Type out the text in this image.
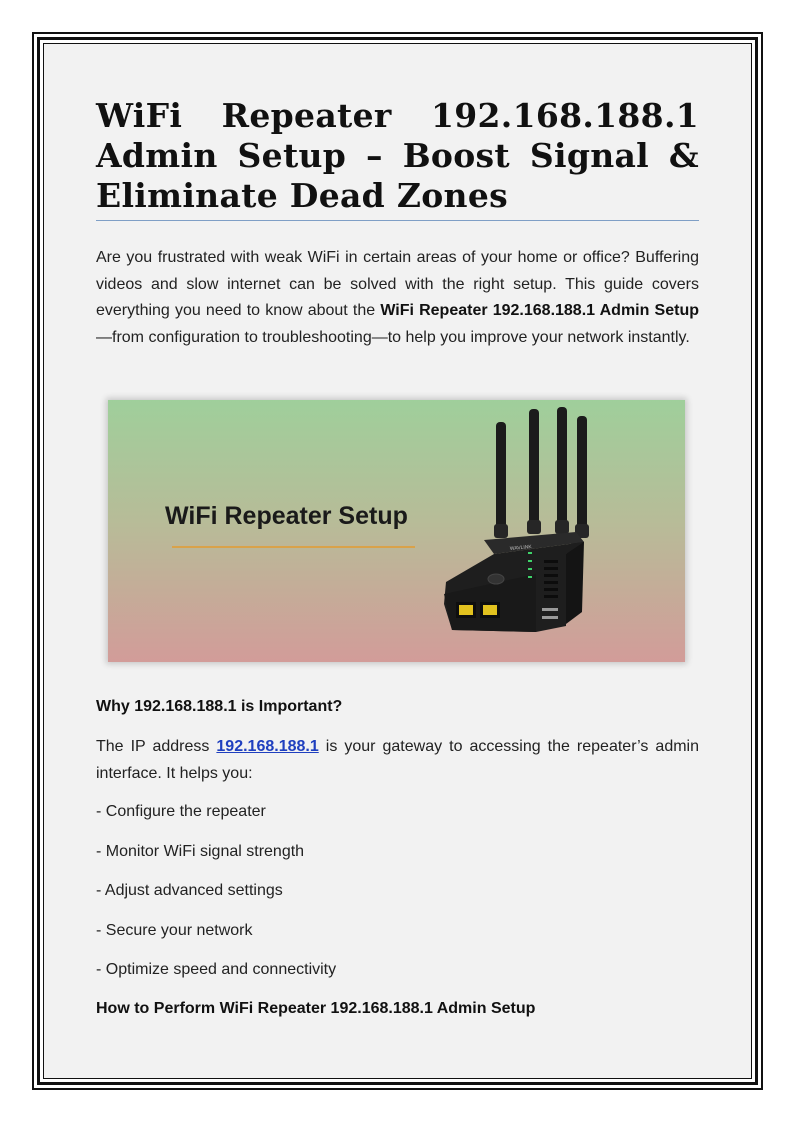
WiFi Repeater 192.168.188.1 Admin Setup – Boost Signal & Eliminate Dead Zones

Are you frustrated with weak WiFi in certain areas of your home or office? Buffering videos and slow internet can be solved with the right setup. This guide covers everything you need to know about the WiFi Repeater 192.168.188.1 Admin Setup—from configuration to troubleshooting—to help you improve your network instantly.

WiFi Repeater Setup
WAVLINK
Why 192.168.188.1 is Important?

The IP address 192.168.188.1 is your gateway to accessing the repeater’s admin interface. It helps you:

- Configure the repeater
- Monitor WiFi signal strength
- Adjust advanced settings
- Secure your network
- Optimize speed and connectivity
How to Perform WiFi Repeater 192.168.188.1 Admin Setup
